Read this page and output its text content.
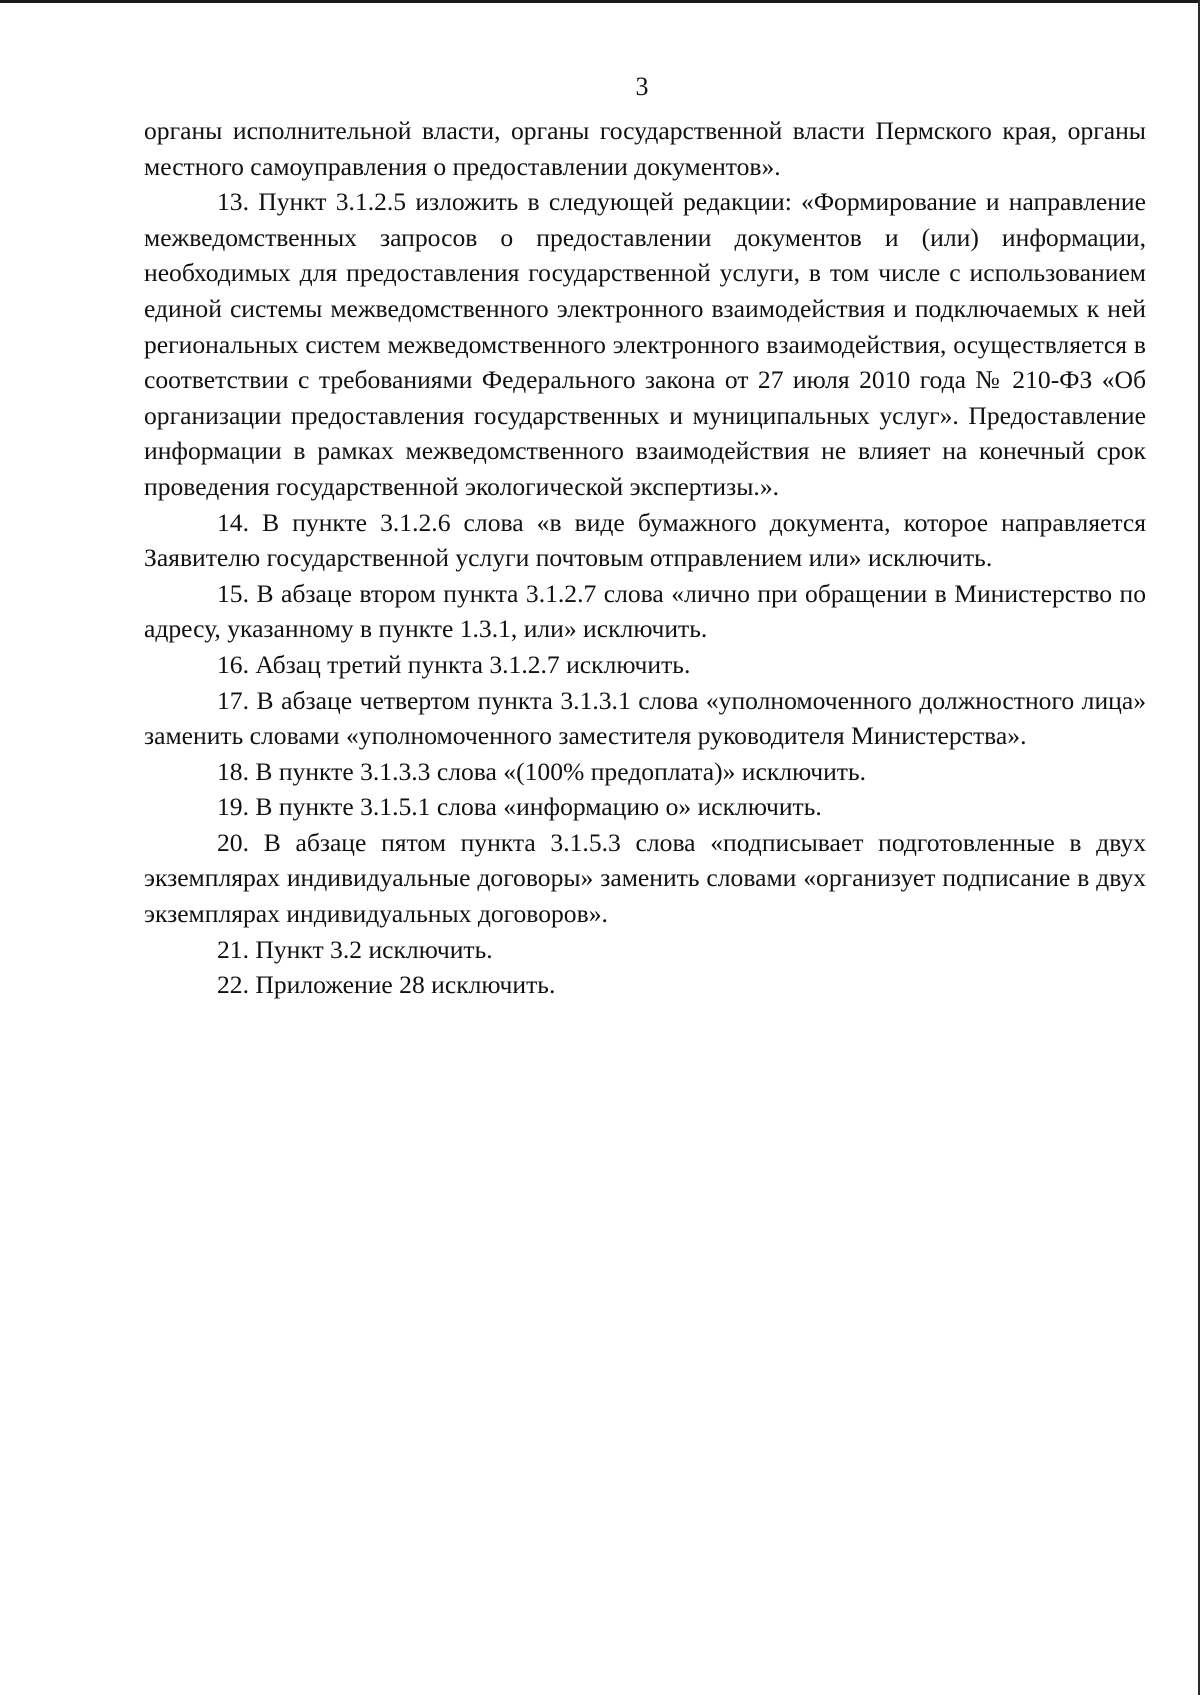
3

органы исполнительной власти, органы государственной власти Пермского края, органы местного самоуправления о предоставлении документов».

13. Пункт 3.1.2.5 изложить в следующей редакции: «Формирование и направление межведомственных запросов о предоставлении документов и (или) информации, необходимых для предоставления государственной услуги, в том числе с использованием единой системы межведомственного электронного взаимодействия и подключаемых к ней региональных систем межведомственного электронного взаимодействия, осуществляется в соответствии с требованиями Федерального закона от 27 июля 2010 года № 210-ФЗ «Об организации предоставления государственных и муниципальных услуг». Предоставление информации в рамках межведомственного взаимодействия не влияет на конечный срок проведения государственной экологической экспертизы.».

14. В пункте 3.1.2.6 слова «в виде бумажного документа, которое направляется Заявителю государственной услуги почтовым отправлением или» исключить.

15. В абзаце втором пункта 3.1.2.7 слова «лично при обращении в Министерство по адресу, указанному в пункте 1.3.1, или» исключить.

16. Абзац третий пункта 3.1.2.7 исключить.

17. В абзаце четвертом пункта 3.1.3.1 слова «уполномоченного должностного лица» заменить словами «уполномоченного заместителя руководителя Министерства».

18. В пункте 3.1.3.3 слова «(100% предоплата)» исключить.

19. В пункте 3.1.5.1 слова «информацию о» исключить.

20. В абзаце пятом пункта 3.1.5.3 слова «подписывает подготовленные в двух экземплярах индивидуальные договоры» заменить словами «организует подписание в двух экземплярах индивидуальных договоров».

21. Пункт 3.2 исключить.

22. Приложение 28 исключить.
